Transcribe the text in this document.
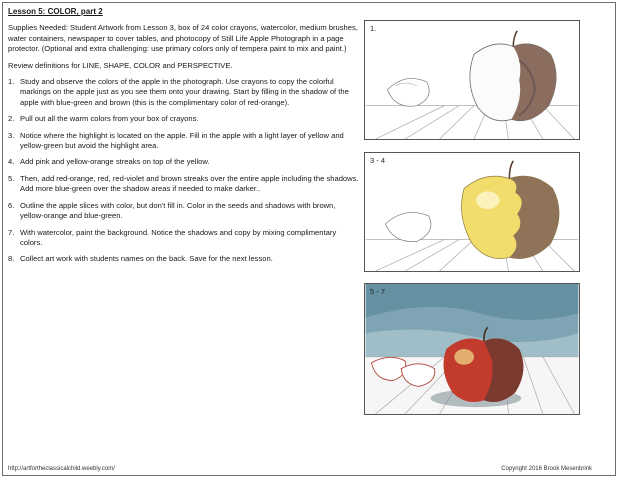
Lesson 5: COLOR, part 2
Supplies Needed: Student Artwork from Lesson 3, box of 24 color crayons, watercolor, medium brushes, water containers, newspaper to cover tables, and photocopy of Still Life Apple Photograph in a page protector. (Optional and extra challenging: use primary colors only of tempera paint to mix and paint.)
Review definitions for LINE, SHAPE, COLOR and PERSPECTIVE.
1. Study and observe the colors of the apple in the photograph. Use crayons to copy the colorful markings on the apple just as you see them onto your drawing. Start by filling in the shadow of the apple with blue-green and brown (this is the complimentary color of red-orange).
2. Pull out all the warm colors from your box of crayons.
3. Notice where the highlight is located on the apple. Fill in the apple with a light layer of yellow and yellow-green but avoid the highlight area.
4. Add pink and yellow-orange streaks on top of the yellow.
5. Then, add red-orange, red, red-violet and brown streaks over the entire apple including the shadows. Add more blue-green over the shadow areas if needed to make darker..
6. Outline the apple slices with color, but don't fill in. Color in the seeds and shadows with brown, yellow-orange and blue-green.
7. With watercolor, paint the background. Notice the shadows and copy by mixing complimentary colors.
8. Collect art work with students names on the back. Save for the next lesson.
1.
3 - 4
5 - 7
http://artfortheclassicalchild.weebly.com/	Copyright 2016 Brook Mesenbrink
